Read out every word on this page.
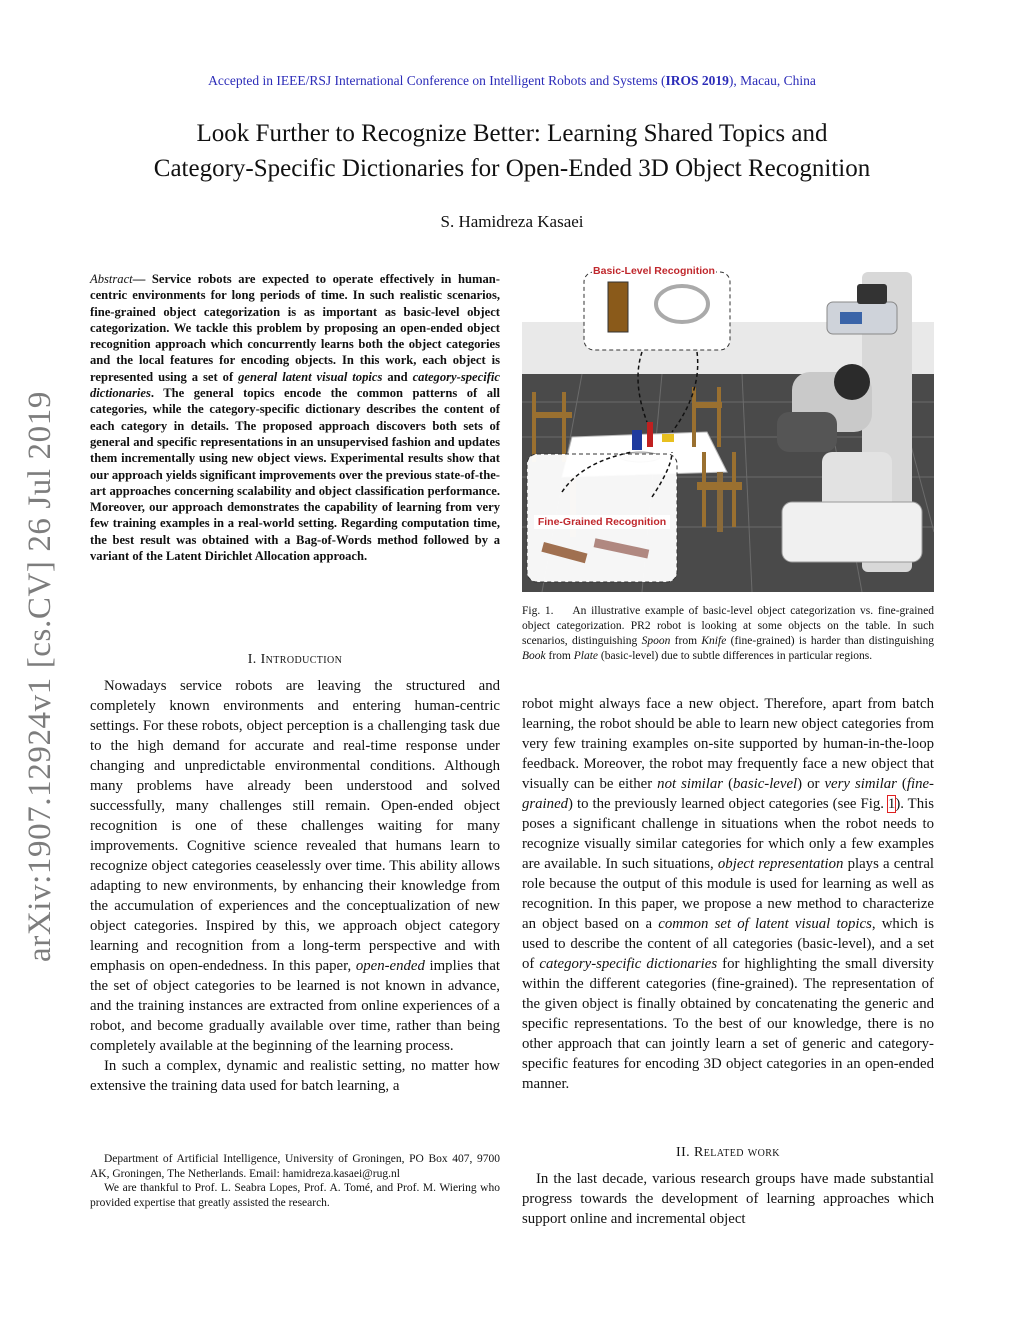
arXiv:1907.12924v1 [cs.CV] 26 Jul 2019
Accepted in IEEE/RSJ International Conference on Intelligent Robots and Systems (IROS 2019), Macau, China
Look Further to Recognize Better: Learning Shared Topics and
Category-Specific Dictionaries for Open-Ended 3D Object Recognition
S. Hamidreza Kasaei
Abstract— Service robots are expected to operate effectively in human-centric environments for long periods of time. In such realistic scenarios, fine-grained object categorization is as important as basic-level object categorization. We tackle this problem by proposing an open-ended object recognition approach which concurrently learns both the object categories and the local features for encoding objects. In this work, each object is represented using a set of general latent visual topics and category-specific dictionaries. The general topics encode the common patterns of all categories, while the category-specific dictionary describes the content of each category in details. The proposed approach discovers both sets of general and specific representations in an unsupervised fashion and updates them incrementally using new object views. Experimental results show that our approach yields significant improvements over the previous state-of-the-art approaches concerning scalability and object classification performance. Moreover, our approach demonstrates the capability of learning from very few training examples in a real-world setting. Regarding computation time, the best result was obtained with a Bag-of-Words method followed by a variant of the Latent Dirichlet Allocation approach.
I. Introduction

Nowadays service robots are leaving the structured and completely known environments and entering human-centric settings. For these robots, object perception is a challenging task due to the high demand for accurate and real-time response under changing and unpredictable environmental conditions. Although many problems have already been understood and solved successfully, many challenges still remain. Open-ended object recognition is one of these challenges waiting for many improvements. Cognitive science revealed that humans learn to recognize object categories ceaselessly over time. This ability allows adapting to new environments, by enhancing their knowledge from the accumulation of experiences and the conceptualization of new object categories. Inspired by this, we approach object category learning and recognition from a long-term perspective and with emphasis on open-endedness. In this paper, open-ended implies that the set of object categories to be learned is not known in advance, and the training instances are extracted from online experiences of a robot, and become gradually available over time, rather than being completely available at the beginning of the learning process.

In such a complex, dynamic and realistic setting, no matter how extensive the training data used for batch learning, a

Department of Artificial Intelligence, University of Groningen, PO Box 407, 9700 AK, Groningen, The Netherlands. Email: hamidreza.kasaei@rug.nl

We are thankful to Prof. L. Seabra Lopes, Prof. A. Tomé, and Prof. M. Wiering who provided expertise that greatly assisted the research.

Basic-Level Recognition
Fine-Grained Recognition
Fig. 1. An illustrative example of basic-level object categorization vs. fine-grained object categorization. PR2 robot is looking at some objects on the table. In such scenarios, distinguishing Spoon from Knife (fine-grained) is harder than distinguishing Book from Plate (basic-level) due to subtle differences in particular regions.

robot might always face a new object. Therefore, apart from batch learning, the robot should be able to learn new object categories from very few training examples on-site supported by human-in-the-loop feedback. Moreover, the robot may frequently face a new object that visually can be either not similar (basic-level) or very similar (fine-grained) to the previously learned object categories (see Fig. 1). This poses a significant challenge in situations when the robot needs to recognize visually similar categories for which only a few examples are available. In such situations, object representation plays a central role because the output of this module is used for learning as well as recognition. In this paper, we propose a new method to characterize an object based on a common set of latent visual topics, which is used to describe the content of all categories (basic-level), and a set of category-specific dictionaries for highlighting the small diversity within the different categories (fine-grained). The representation of the given object is finally obtained by concatenating the generic and specific representations. To the best of our knowledge, there is no other approach that can jointly learn a set of generic and category-specific features for encoding 3D object categories in an open-ended manner.

II. Related work

In the last decade, various research groups have made substantial progress towards the development of learning approaches which support online and incremental object
